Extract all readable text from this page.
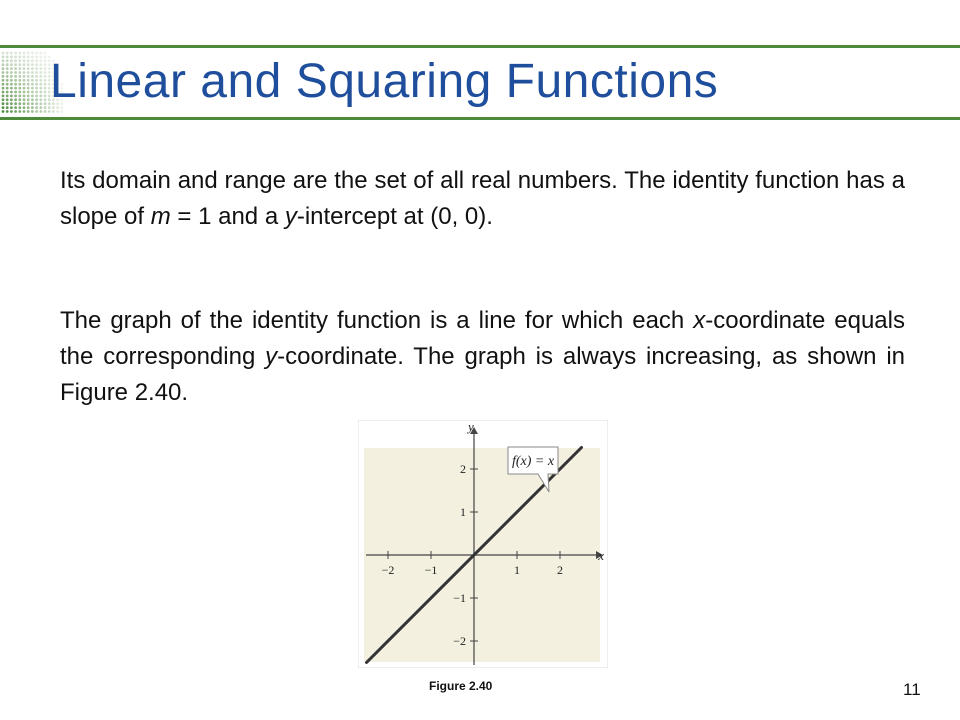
Linear and Squaring Functions

Its domain and range are the set of all real numbers. The identity function has a slope of m = 1 and a y-intercept at (0, 0).

The graph of the identity function is a line for which each x-coordinate equals the corresponding y-coordinate. The graph is always increasing, as shown in Figure 2.40.

f(x) = x
x
y
−2	−1	1	2
−2
−1
1
2
Figure 2.40	11
